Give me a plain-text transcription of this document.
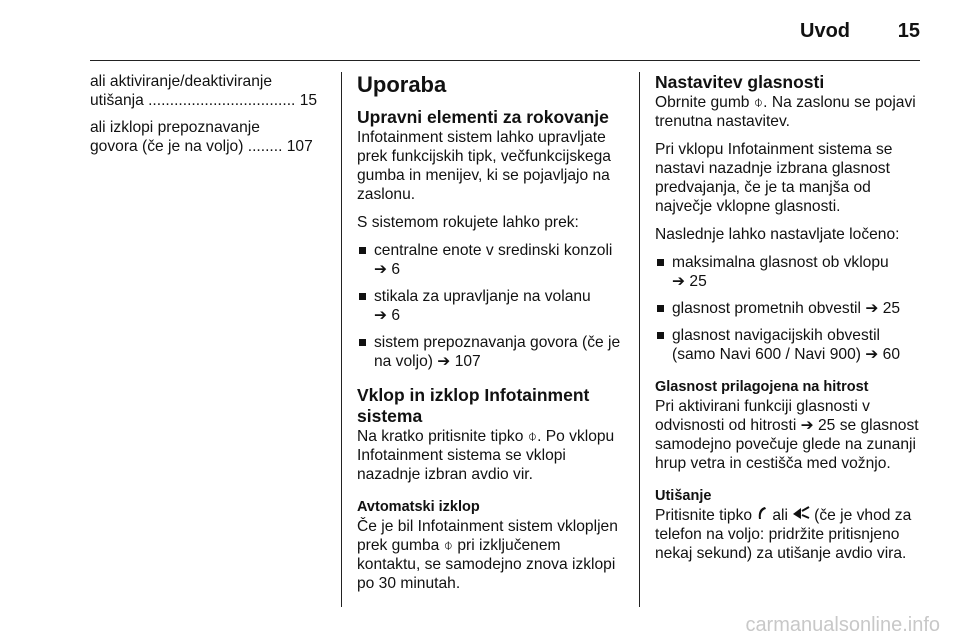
Uvod	15
ali aktiviranje/deaktiviranje
utišanja .................................. 15
ali izklopi prepoznavanje
govora (če je na voljo) ........ 107
Uporaba
Upravni elementi za rokovanje

Infotainment sistem lahko upravljate prek funkcijskih tipk, večfunkcijskega gumba in menijev, ki se pojavljajo na zaslonu.

S sistemom rokujete lahko prek:

centralne enote v sredinski konzoli
➔ 6
stikala za upravljanje na volanu
➔ 6
sistem prepoznavanja govora (če je na voljo) ➔ 107
Vklop in izklop Infotainment sistema

Na kratko pritisnite tipko ⌽. Po vklopu Infotainment sistema se vklopi nazadnje izbran avdio vir.

Avtomatski izklop

Če je bil Infotainment sistem vklopljen prek gumba ⌽ pri izključenem kontaktu, se samodejno znova izklopi po 30 minutah.

Nastavitev glasnosti

Obrnite gumb ⌽. Na zaslonu se pojavi trenutna nastavitev.

Pri vklopu Infotainment sistema se nastavi nazadnje izbrana glasnost predvajanja, če je ta manjša od največje vklopne glasnosti.

Naslednje lahko nastavljate ločeno:

maksimalna glasnost ob vklopu
➔ 25
glasnost prometnih obvestil ➔ 25
glasnost navigacijskih obvestil (samo Navi 600 / Navi 900) ➔ 60
Glasnost prilagojena na hitrost

Pri aktivirani funkciji glasnosti v odvisnosti od hitrosti ➔ 25 se glasnost samodejno povečuje glede na zunanji hrup vetra in cestišča med vožnjo.

Utišanje

Pritisnite tipko ali (če je vhod za telefon na voljo: pridržite pritisnjeno nekaj sekund) za utišanje avdio vira.

carmanualsonline.info
